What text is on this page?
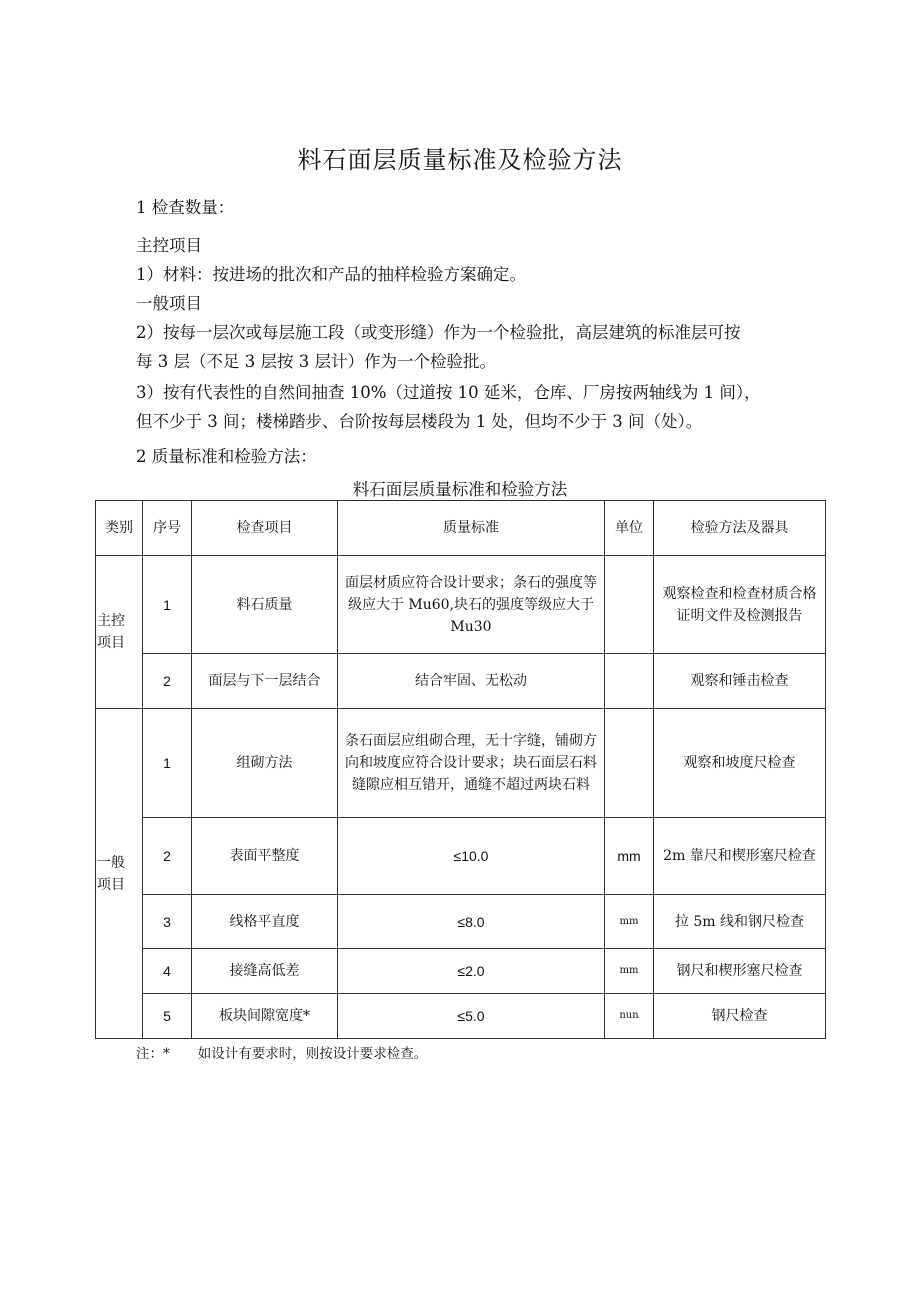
料石面层质量标准及检验方法

1 检查数量：

主控项目

1）材料：按进场的批次和产品的抽样检验方案确定。

一般项目

2）按每一层次或每层施工段（或变形缝）作为一个检验批，高层建筑的标准层可按

每 3 层（不足 3 层按 3 层计）作为一个检验批。

3）按有代表性的自然间抽查 10%（过道按 10 延米，仓库、厂房按两轴线为 1 间），

但不少于 3 间；楼梯踏步、台阶按每层楼段为 1 处，但均不少于 3 间（处）。

2 质量标准和检验方法：

料石面层质量标准和检验方法

类别	序号	检查项目	质量标准	单位	检验方法及器具
主控
项目	1	料石质量	面层材质应符合设计要求；条石的强度等级应大于 Mu60,块石的强度等级应大于 Mu30		观察检查和检查材质合格证明文件及检测报告
	2	面层与下一层结合	结合牢固、无松动		观察和锤击检查
一般
项目	1	组砌方法	条石面层应组砌合理，无十字缝，铺砌方向和坡度应符合设计要求；块石面层石料缝隙应相互错开，通缝不超过两块石料		观察和坡度尺检查
	2	表面平整度	≤10.0	mm	2m 靠尺和楔形塞尺检查
	3	线格平直度	≤8.0	mm	拉 5m 线和钢尺检查
	4	接缝高低差	≤2.0	mm	钢尺和楔形塞尺检查
	5	板块间隙宽度*	≤5.0	nun	钢尺检查

注：* 如设计有要求时，则按设计要求检查。
